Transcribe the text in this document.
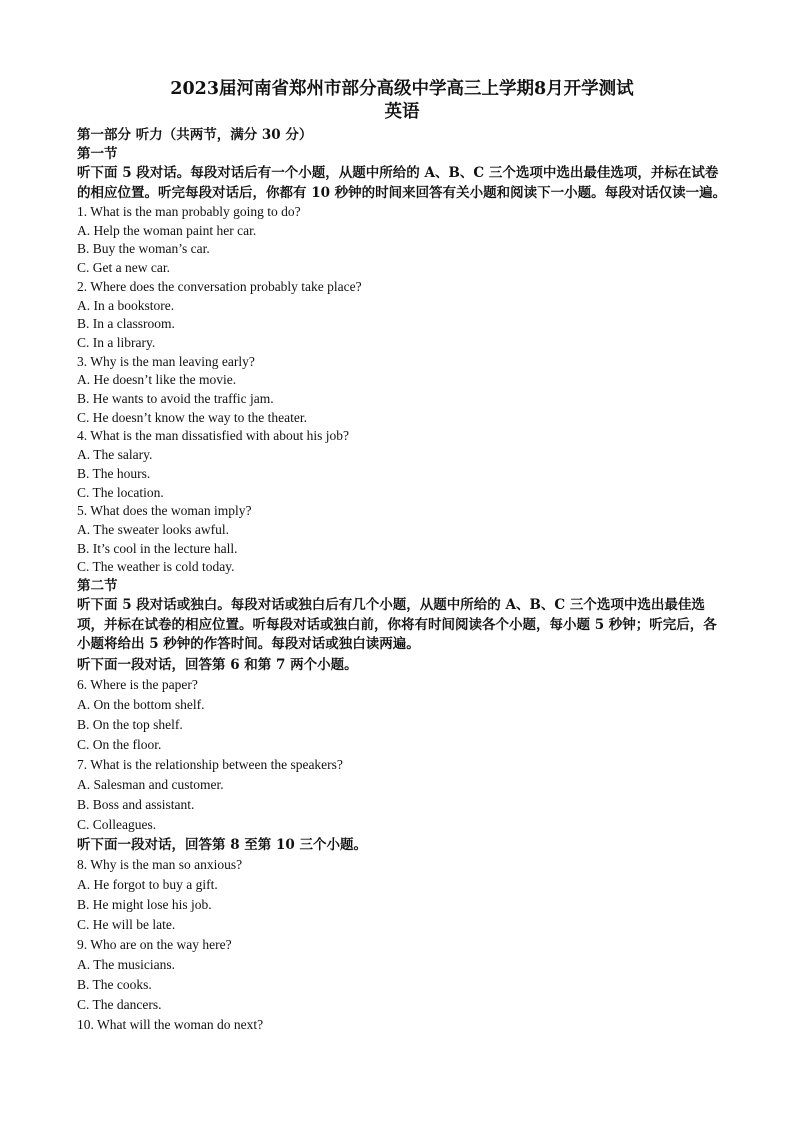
2023届河南省郑州市部分高级中学高三上学期8月开学测试
英语
第一部分 听力（共两节，满分 30 分）
第一节
听下面 5 段对话。每段对话后有一个小题，从题中所给的 A、B、C 三个选项中选出最佳选项，并标在试卷的相应位置。听完每段对话后，你都有 10 秒钟的时间来回答有关小题和阅读下一小题。每段对话仅读一遍。
1. What is the man probably going to do?
A. Help the woman paint her car.
B. Buy the woman’s car.
C. Get a new car.
2. Where does the conversation probably take place?
A. In a bookstore.
B. In a classroom.
C. In a library.
3. Why is the man leaving early?
A. He doesn’t like the movie.
B. He wants to avoid the traffic jam.
C. He doesn’t know the way to the theater.
4. What is the man dissatisfied with about his job?
A. The salary.
B. The hours.
C. The location.
5. What does the woman imply?
A. The sweater looks awful.
B. It’s cool in the lecture hall.
C. The weather is cold today.
第二节
听下面 5 段对话或独白。每段对话或独白后有几个小题，从题中所给的 A、B、C 三个选项中选出最佳选项，并标在试卷的相应位置。听每段对话或独白前，你将有时间阅读各个小题，每小题 5 秒钟；听完后，各小题将给出 5 秒钟的作答时间。每段对话或独白读两遍。
听下面一段对话，回答第 6 和第 7 两个小题。
6. Where is the paper?
A. On the bottom shelf.
B. On the top shelf.
C. On the floor.
7. What is the relationship between the speakers?
A. Salesman and customer.
B. Boss and assistant.
C. Colleagues.
听下面一段对话，回答第 8 至第 10 三个小题。
8. Why is the man so anxious?
A. He forgot to buy a gift.
B. He might lose his job.
C. He will be late.
9. Who are on the way here?
A. The musicians.
B. The cooks.
C. The dancers.
10. What will the woman do next?
